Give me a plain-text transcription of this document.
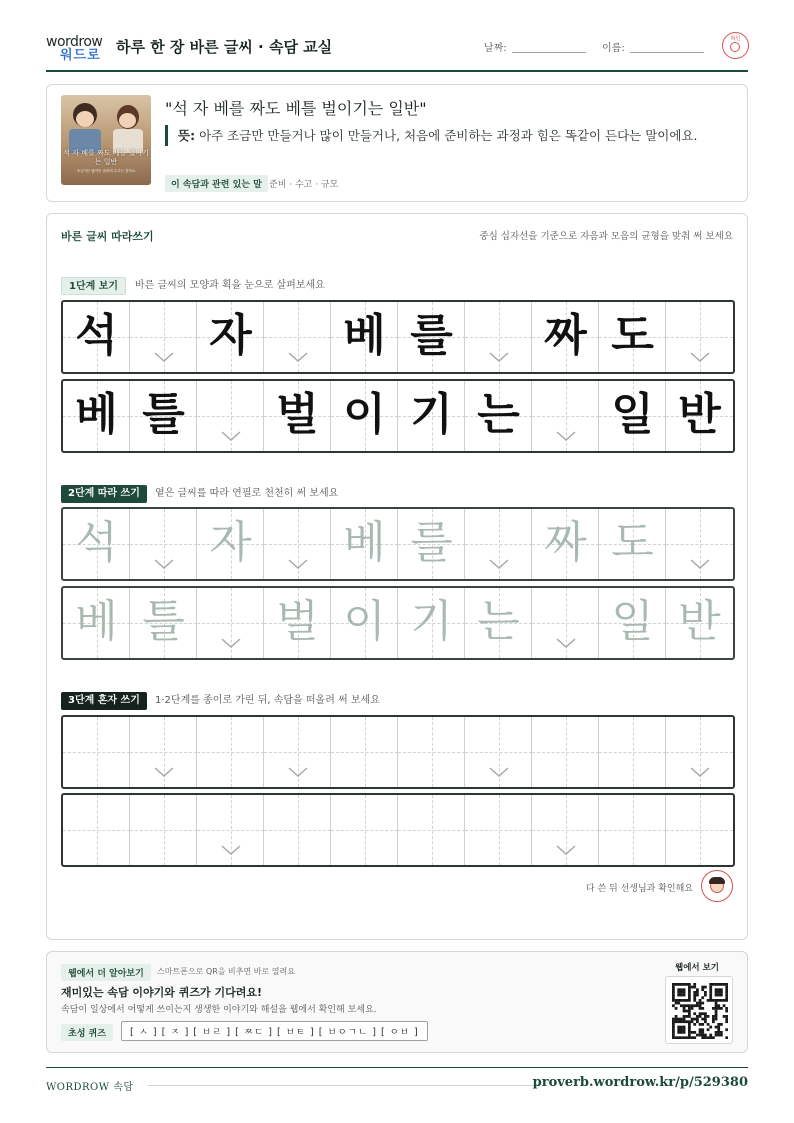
wordrow
워드로 하루 한 장 바른 글씨 · 속담 교실	날짜:	이름:
확인
석 자 베를 짜도 베틀 벌이기는 일반
조금이든 많이든 준비의 수고는 같아요
"석 자 베를 짜도 베틀 벌이기는 일반"
뜻: 아주 조금만 만들거나 많이 만들거나, 처음에 준비하는 과정과 힘은 똑같이 든다는 말이에요.
이 속담과 관련 있는 말 준비 · 수고 · 규모
바른 글씨 따라쓰기	중심 십자선을 기준으로 자음과 모음의 균형을 맞춰 써 보세요
1단계 보기	바른 글씨의 모양과 획을 눈으로 살펴보세요
석 자 베 를 짜 도
베 틀 벌 이 기 는 일 반
2단계 따라 쓰기	옅은 글씨를 따라 연필로 천천히 써 보세요
석 자 베 를 짜 도
베 틀 벌 이 기 는 일 반
3단계 혼자 쓰기	1·2단계를 종이로 가린 뒤, 속담을 떠올려 써 보세요
다 쓴 뒤 선생님과 확인해요
웹에서 더 알아보기	스마트폰으로 QR을 비추면 바로 열려요
재미있는 속담 이야기와 퀴즈가 기다려요!
속담이 일상에서 어떻게 쓰이는지 생생한 이야기와 해설을 웹에서 확인해 보세요.
초성 퀴즈	[ ㅅ ] [ ㅈ ] [ ㅂㄹ ] [ ㅉㄷ ] [ ㅂㅌ ] [ ㅂㅇㄱㄴ ] [ ㅇㅂ ]
웹에서 보기
WORDROW 속담	proverb.wordrow.kr/p/529380
